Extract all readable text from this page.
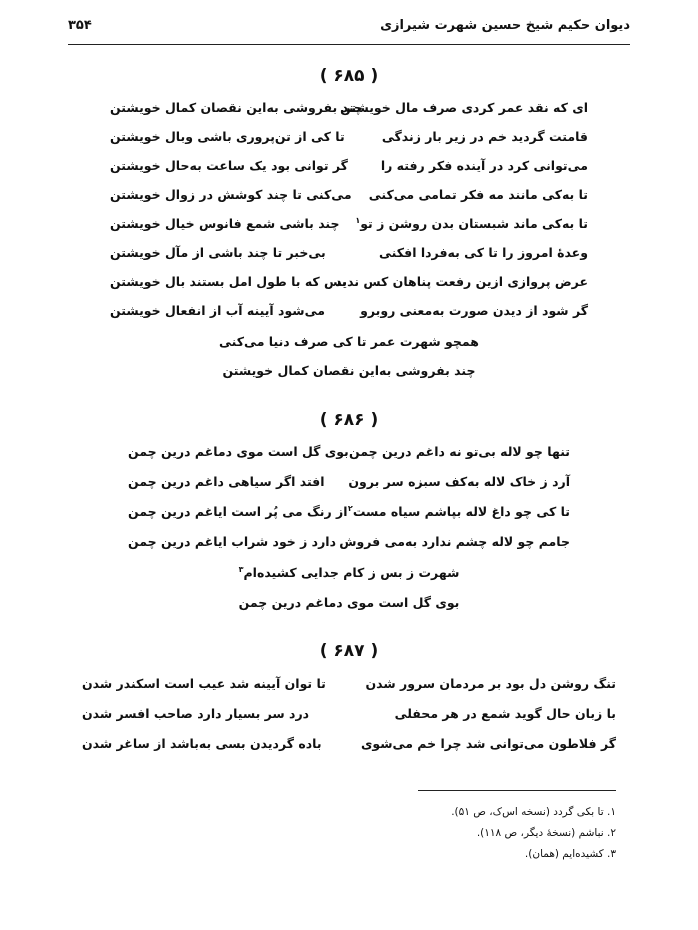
دیوان حکیم شیخ حسین شهرت شیرازی
۳۵۴
( ۶۸۵ )
ای که نقد عمر کردی صرف مال خویشتن
چند بفروشی به‌این نقصان کمال خویشتن
قامتت گردید خم در زیر بار زندگی
تا کی از تن‌پروری باشی وبال خویشتن
می‌توانی کرد در آینده فکر رفته را
گر توانی بود یک ساعت به‌حال خویشتن
تا به‌کی مانند مه فکر تمامی می‌کنی
می‌کنی تا چند کوشش در زوال خویشتن
تا به‌کی ماند شبستان بدن روشن ز تو$^۱$
چند باشی شمع فانوس خیال خویشتن
وعدهٔ امروز را تا کی به‌فردا افکنی
بی‌خبر تا چند باشی از مآل خویشتن
عرض پروازی ازین رفعت پناهان کس ندید
بس که با طول امل بستند بال خویشتن
گر شود از دیدن صورت به‌معنی روبرو
می‌شود آیینه آب از انفعال خویشتن
همچو شهرت عمر تا کی صرف دنیا می‌کنی
چند بفروشی به‌این نقصان کمال خویشتن
( ۶۸۶ )
تنها چو لاله بی‌تو نه داغم درین چمن
بوی گل است موی دماغم درین چمن
آرد ز خاک لاله به‌کف سبزه سر برون
افتد اگر سیاهی داغم درین چمن
تا کی چو داغ لاله بپاشم سیاه مست$^۲$
از رنگ می پُر است ایاغم درین چمن
جامم چو لاله چشم ندارد به‌می فروش
دارد ز خود شراب ایاغم درین چمن
شهرت ز بس ز کام جدایی کشیده‌ام$^۳$
بوی گل است موی دماغم درین چمن
( ۶۸۷ )
تنگ روشن دل بود بر مردمان سرور شدن
تا توان آیینه شد عیب است اسکندر شدن
با زبان حال گوید شمع در هر محفلی
درد سر بسیار دارد صاحب افسر شدن
گر فلاطون می‌توانی شد چرا خم می‌شوی
باده گردیدن بسی به‌باشد از ساغر شدن
۱. تا بکی گردد (نسخه اس‌ک، ص ۵۱).
۲. نباشم (نسخهٔ دیگر، ص ۱۱۸).
۳. کشیده‌ایم (همان).
